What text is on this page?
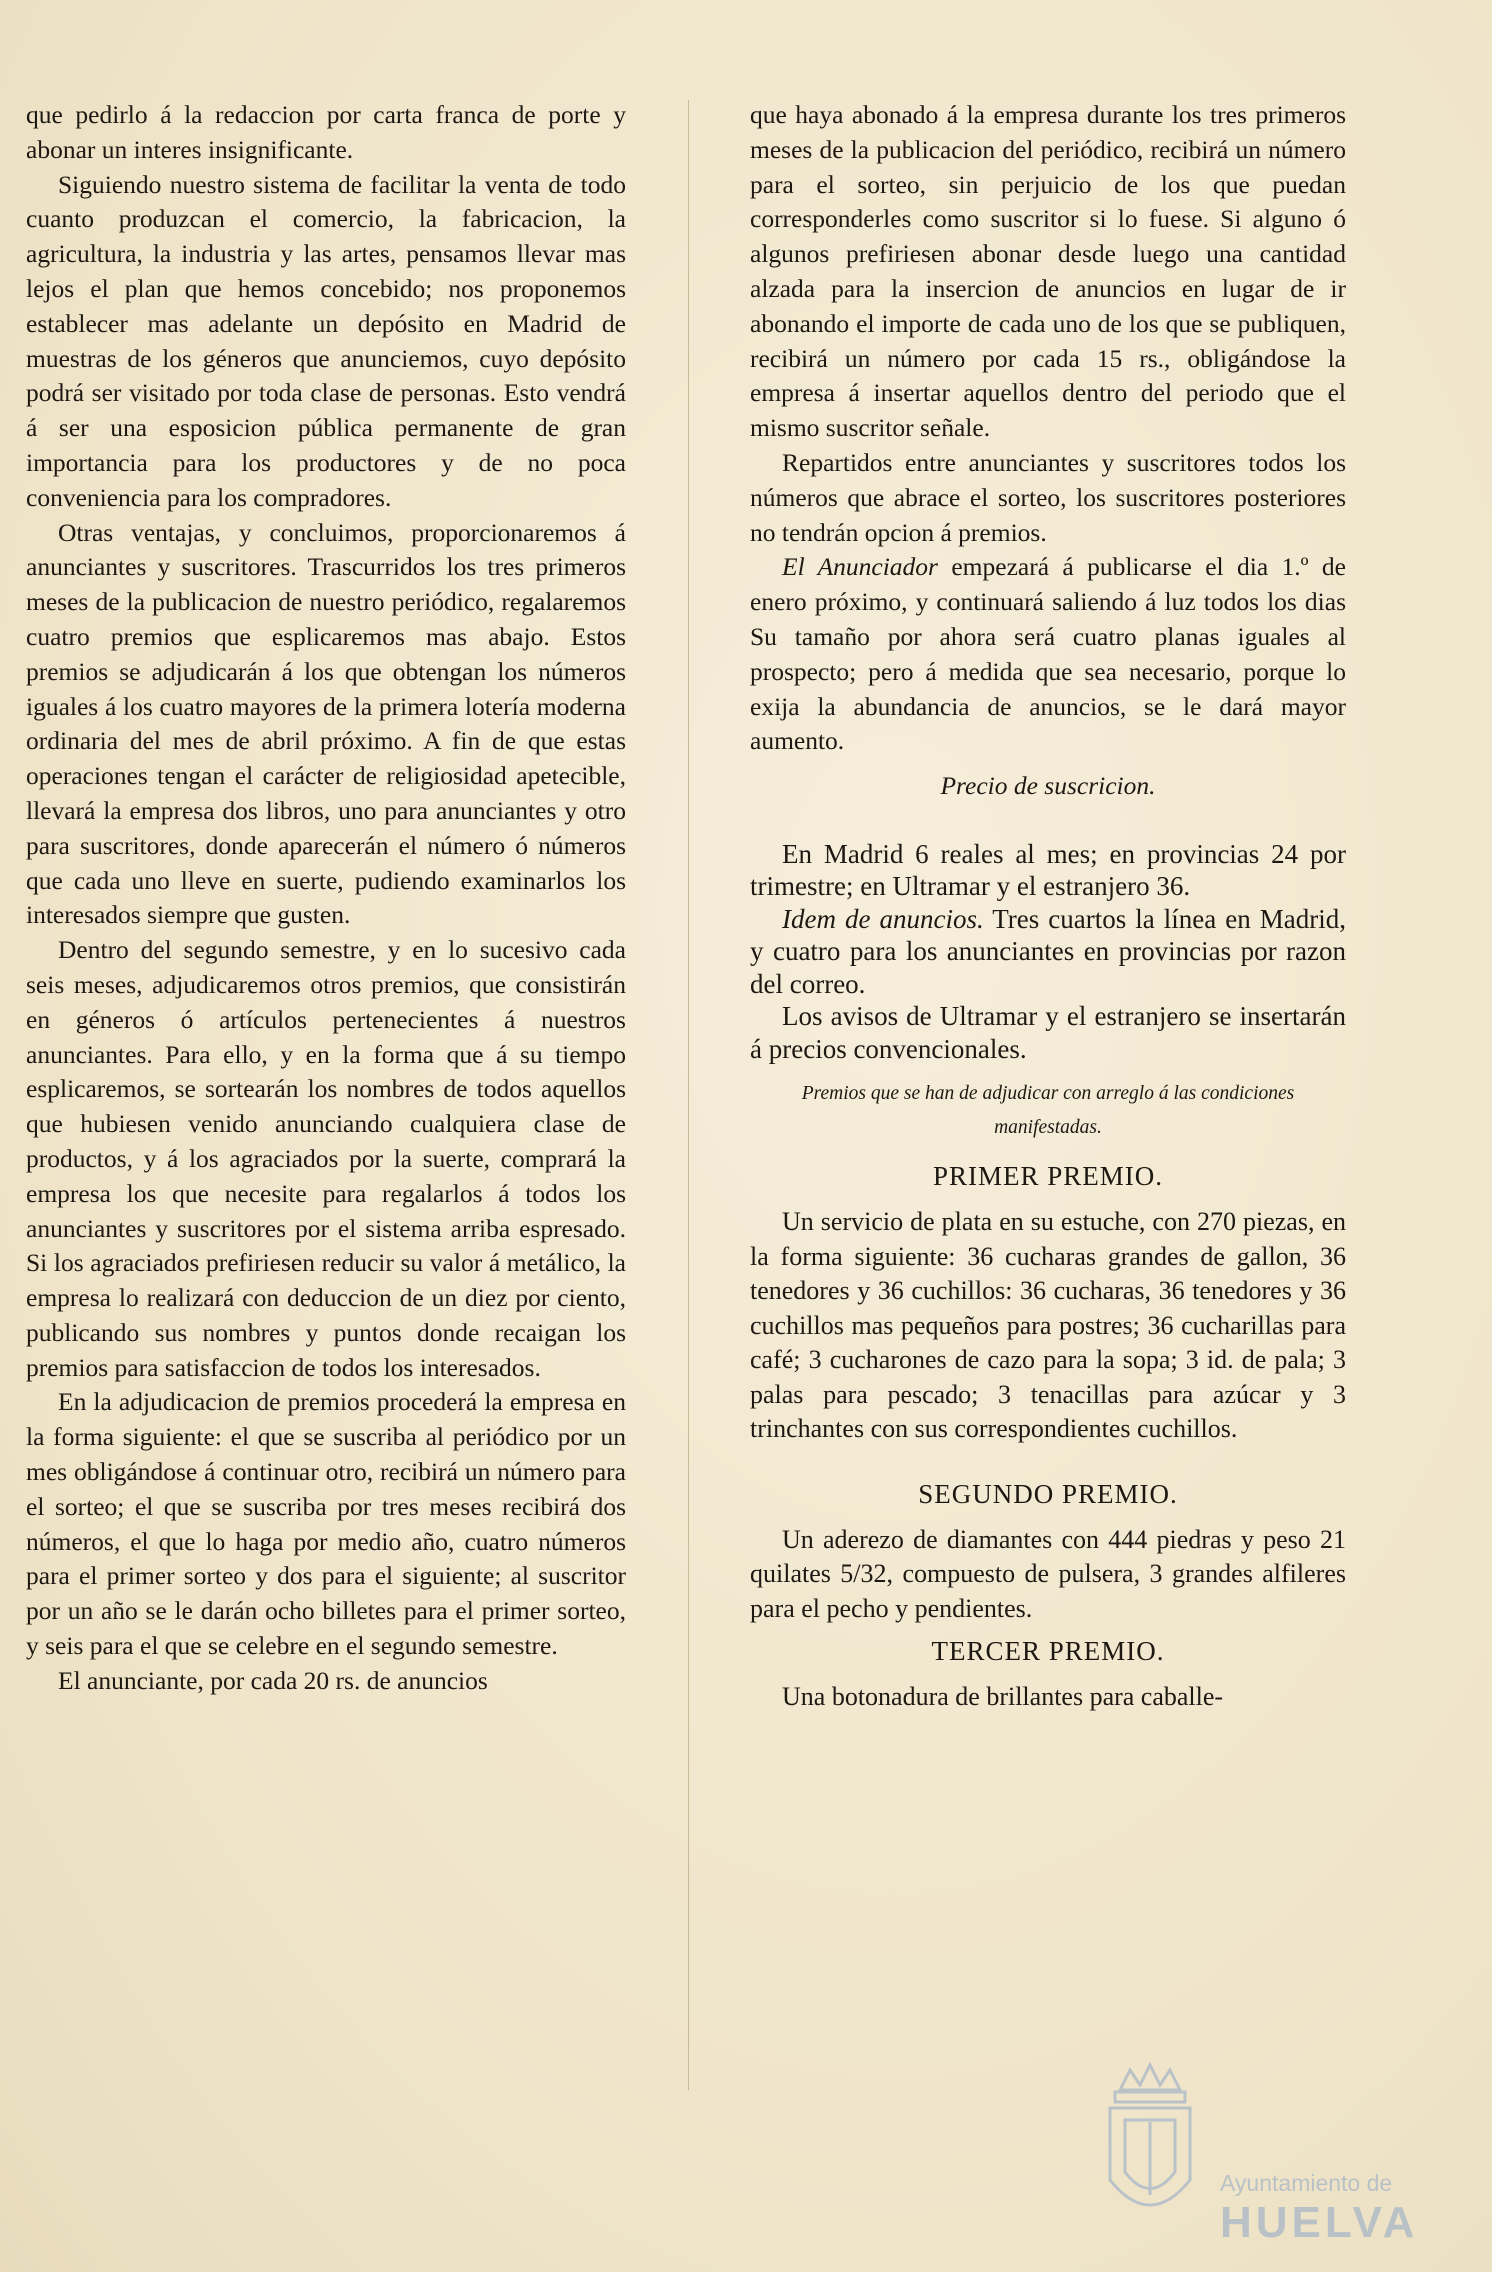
que pedirlo á la redaccion por carta franca de porte y abonar un interes insignificante.

Siguiendo nuestro sistema de facilitar la venta de todo cuanto produzcan el comercio, la fabricacion, la agricultura, la industria y las artes, pensamos llevar mas lejos el plan que hemos concebido; nos proponemos establecer mas adelante un depósito en Madrid de muestras de los géneros que anunciemos, cuyo depósito podrá ser visitado por toda clase de personas. Esto vendrá á ser una esposicion pública permanente de gran importancia para los productores y de no poca conveniencia para los compradores.

Otras ventajas, y concluimos, proporcionaremos á anunciantes y suscritores. Trascurridos los tres primeros meses de la publicacion de nuestro periódico, regalaremos cuatro premios que esplicaremos mas abajo. Estos premios se adjudicarán á los que obtengan los números iguales á los cuatro mayores de la primera lotería moderna ordinaria del mes de abril próximo. A fin de que estas operaciones tengan el carácter de religiosidad apetecible, llevará la empresa dos libros, uno para anunciantes y otro para suscritores, donde aparecerán el número ó números que cada uno lleve en suerte, pudiendo examinarlos los interesados siempre que gusten.

Dentro del segundo semestre, y en lo sucesivo cada seis meses, adjudicaremos otros premios, que consistirán en géneros ó artículos pertenecientes á nuestros anunciantes. Para ello, y en la forma que á su tiempo esplicaremos, se sortearán los nombres de todos aquellos que hubiesen venido anunciando cualquiera clase de productos, y á los agraciados por la suerte, comprará la empresa los que necesite para regalarlos á todos los anunciantes y suscritores por el sistema arriba espresado. Si los agraciados prefiriesen reducir su valor á metálico, la empresa lo realizará con deduccion de un diez por ciento, publicando sus nombres y puntos donde recaigan los premios para satisfaccion de todos los interesados.

En la adjudicacion de premios procederá la empresa en la forma siguiente: el que se suscriba al periódico por un mes obligándose á continuar otro, recibirá un número para el sorteo; el que se suscriba por tres meses recibirá dos números, el que lo haga por medio año, cuatro números para el primer sorteo y dos para el siguiente; al suscritor por un año se le darán ocho billetes para el primer sorteo, y seis para el que se celebre en el segundo semestre.

El anunciante, por cada 20 rs. de anuncios

que haya abonado á la empresa durante los tres primeros meses de la publicacion del periódico, recibirá un número para el sorteo, sin perjuicio de los que puedan corresponderles como suscritor si lo fuese. Si alguno ó algunos prefiriesen abonar desde luego una cantidad alzada para la insercion de anuncios en lugar de ir abonando el importe de cada uno de los que se publiquen, recibirá un número por cada 15 rs., obligándose la empresa á insertar aquellos dentro del periodo que el mismo suscritor señale.

Repartidos entre anunciantes y suscritores todos los números que abrace el sorteo, los suscritores posteriores no tendrán opcion á premios.

El Anunciador empezará á publicarse el dia 1.º de enero próximo, y continuará saliendo á luz todos los dias Su tamaño por ahora será cuatro planas iguales al prospecto; pero á medida que sea necesario, porque lo exija la abundancia de anuncios, se le dará mayor aumento.

Precio de suscricion.

En Madrid 6 reales al mes; en provincias 24 por trimestre; en Ultramar y el estranjero 36.

Idem de anuncios. Tres cuartos la línea en Madrid, y cuatro para los anunciantes en provincias por razon del correo.

Los avisos de Ultramar y el estranjero se insertarán á precios convencionales.

Premios que se han de adjudicar con arreglo á las condiciones manifestadas.

PRIMER PREMIO.

Un servicio de plata en su estuche, con 270 piezas, en la forma siguiente: 36 cucharas grandes de gallon, 36 tenedores y 36 cuchillos: 36 cucharas, 36 tenedores y 36 cuchillos mas pequeños para postres; 36 cucharillas para café; 3 cucharones de cazo para la sopa; 3 id. de pala; 3 palas para pescado; 3 tenacillas para azúcar y 3 trinchantes con sus correspondientes cuchillos.

SEGUNDO PREMIO.

Un aderezo de diamantes con 444 piedras y peso 21 quilates 5/32, compuesto de pulsera, 3 grandes alfileres para el pecho y pendientes.

TERCER PREMIO.

Una botonadura de brillantes para caballe-

Ayuntamiento de
HUELVA
